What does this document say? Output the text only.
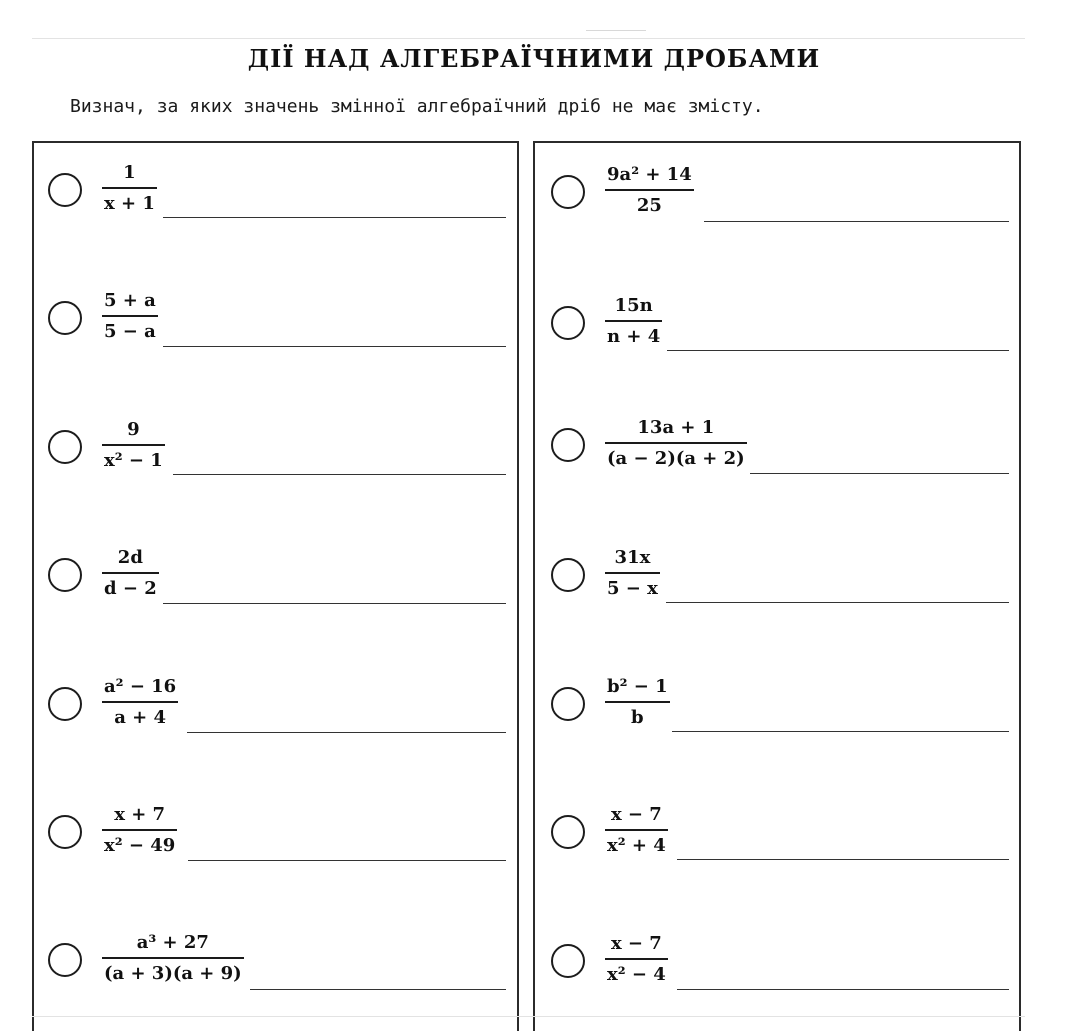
ДІЇ НАД АЛГЕБРАЇЧНИМИ ДРОБАМИ
Визнач, за яких значень змінної алгебраїчний дріб не має змісту.
1
x + 1
5 + a
5 − a
9
x² − 1
2d
d − 2
a² − 16
a + 4
x + 7
x² − 49
a³ + 27
(a + 3)(a + 9)
9a² + 14
25
15n
n + 4
13a + 1
(a − 2)(a + 2)
31x
5 − x
b² − 1
b
x − 7
x² + 4
x − 7
x² − 4
